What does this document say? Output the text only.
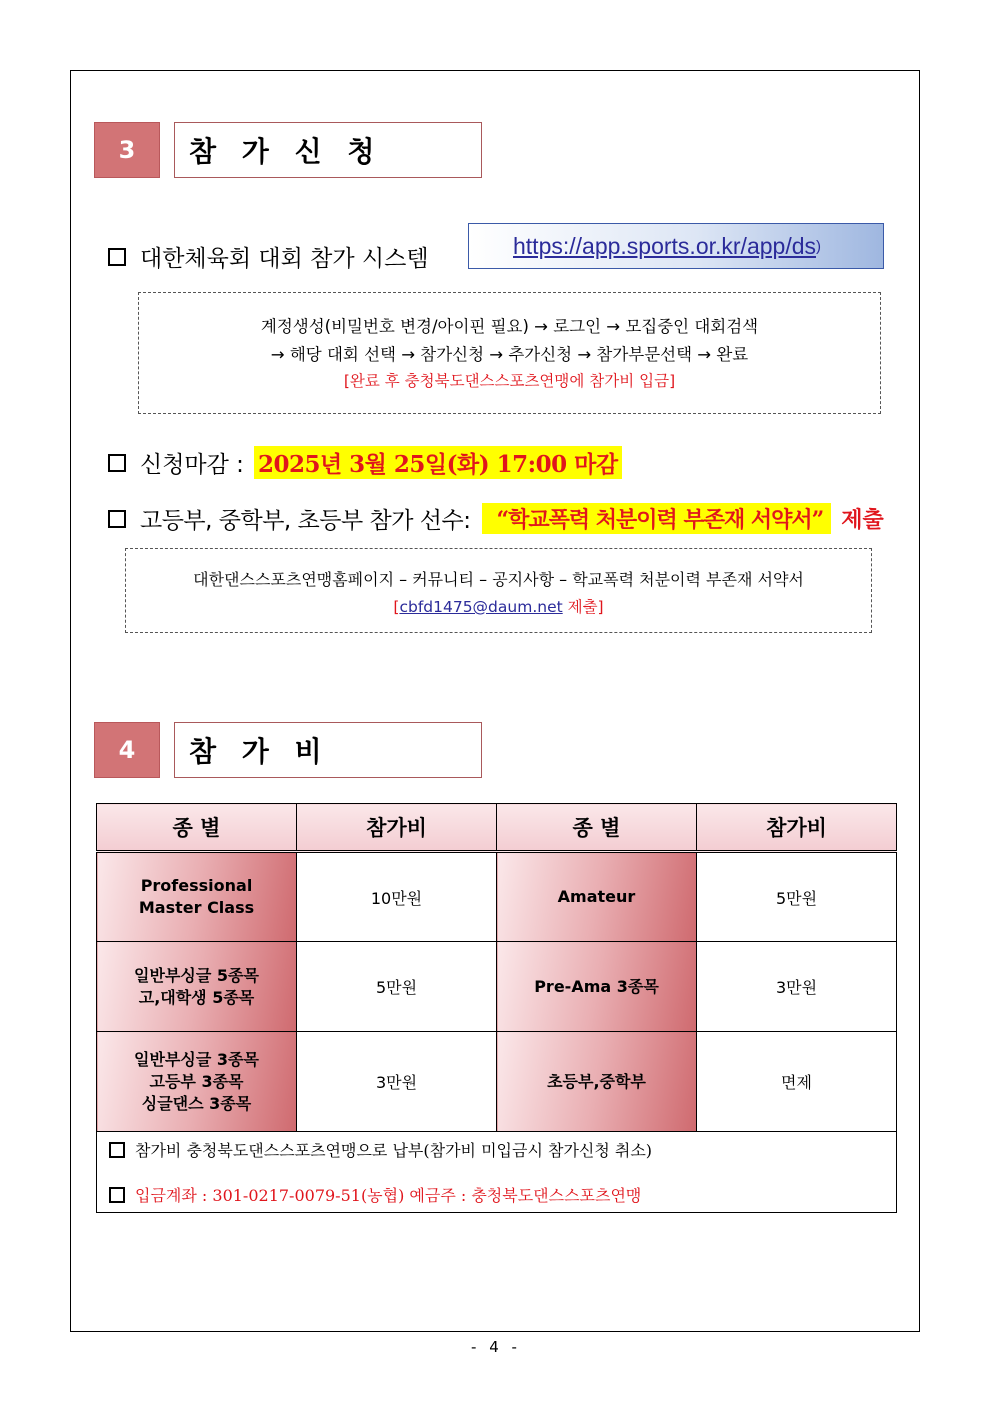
3	참 가 신 청
대한체육회 대회 참가 시스템
https://app.sports.or.kr/app/ds )
계정생성(비밀번호 변경/아이핀 필요) → 로그인 → 모집중인 대회검색
→ 해당 대회 선택 → 참가신청 → 추가신청 → 참가부문선택 → 완료
[완료 후 충청북도댄스스포츠연맹에 참가비 입금]
신청마감 : 2025년 3월 25일(화) 17:00 마감
고등부, 중학부, 초등부 참가 선수:	“학교폭력 처분이력 부존재 서약서” 제출
대한댄스스포츠연맹홈페이지 – 커뮤니티 – 공지사항 – 학교폭력 처분이력 부존재 서약서
[cbfd1475@daum.net 제출]
4	참 가 비
종 별	참가비	종 별	참가비

Professional
Master Class	10만원	Amateur	5만원

일반부싱글 5종목
고,대학생 5종목	5만원	Pre-Ama 3종목	3만원

일반부싱글 3종목
고등부 3종목
싱글댄스 3종목	3만원	초등부,중학부	면제

참가비 충청북도댄스스포츠연맹으로 납부(참가비 미입금시 참가신청 취소)
입금계좌 : 301-0217-0079-51(농협) 예금주 : 충청북도댄스스포츠연맹			
- 4 -
